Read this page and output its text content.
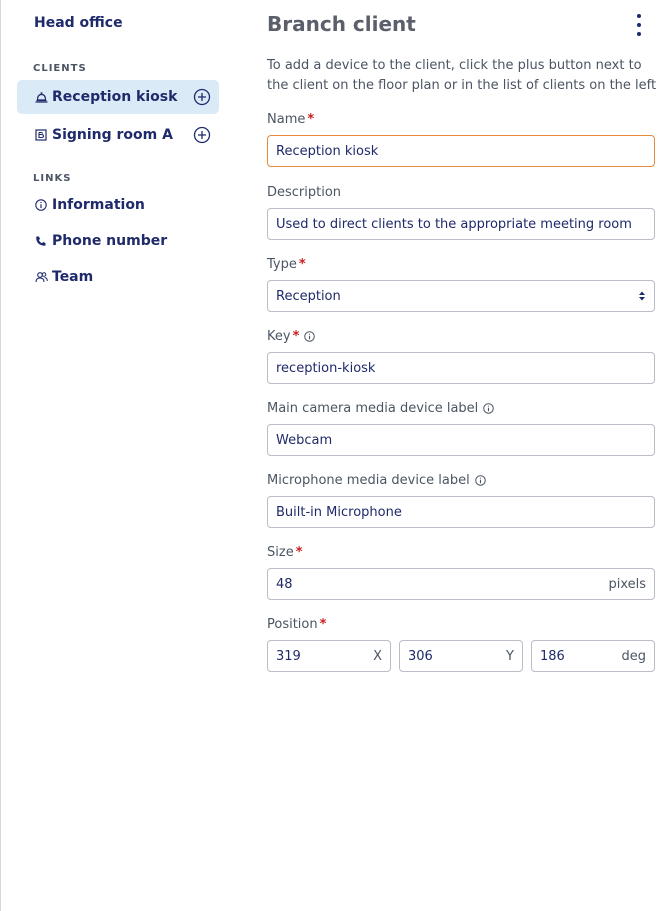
Head office
CLIENTS
Reception kiosk
Signing room A
LINKS
Information
Phone number
Team
Branch client
To add a device to the client, click the plus button next to the client on the floor plan or in the list of clients on the left
Name *
Reception kiosk
Description
Used to direct clients to the appropriate meeting room
Type *
Reception
Key *
reception-kiosk
Main camera media device label
Webcam
Microphone media device label
Built-in Microphone
Size *
48	pixels
Position *
319	X 306	Y 186	deg
